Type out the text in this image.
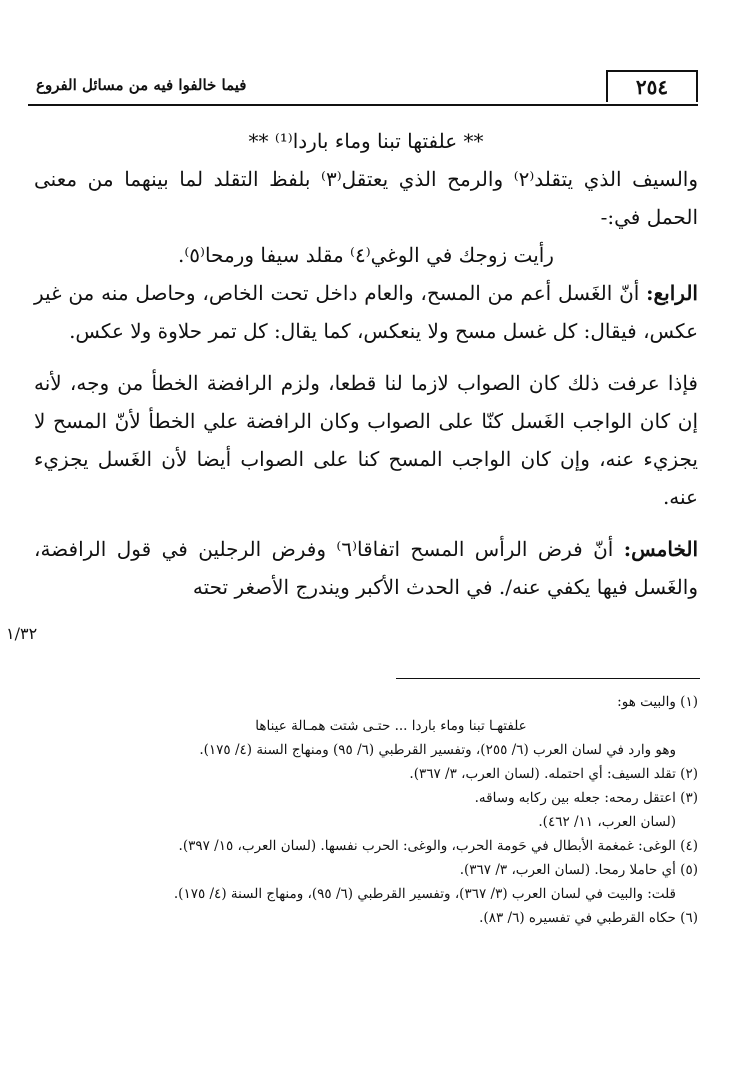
فيما خالفوا فيه من مسائل الفروع	٢٥٤

** علفتها تبنا وماء باردا⁽¹⁾ **

والسيف الذي يتقلد⁽٢⁾ والرمح الذي يعتقل⁽٣⁾ بلفظ التقلد لما بينهما من معنى الحمل في:-

رأيت زوجك في الوغي⁽٤⁾ مقلد سيفا ورمحا⁽٥⁾.

الرابع: أنّ الغَسل أعم من المسح، والعام داخل تحت الخاص، وحاصل منه من غير عكس، فيقال: كل غسل مسح ولا ينعكس، كما يقال: كل تمر حلاوة ولا عكس.

فإذا عرفت ذلك كان الصواب لازما لنا قطعا، ولزم الرافضة الخطأ من وجه، لأنه إن كان الواجب الغَسل كنّا على الصواب وكان الرافضة علي الخطأ لأنّ المسح لا يجزيء عنه، وإن كان الواجب المسح كنا على الصواب أيضا لأن الغَسل يجزيء عنه.

الخامس: أنّ فرض الرأس المسح اتفاقا⁽٦⁾ وفرض الرجلين في قول الرافضة، والغَسل فيها يكفي عنه/. في الحدث الأكبر ويندرج الأصغر تحته

١/٣٢

(١) والبيت هو:

علفتهـا تبنا وماء باردا ... حتـى شتت همـالة عيناها

وهو وارد في لسان العرب (٦/ ٢٥٥)، وتفسير القرطبي (٦/ ٩٥) ومنهاج السنة (٤/ ١٧٥).

(٢) تقلد السيف: أي احتمله. (لسان العرب، ٣/ ٣٦٧).

(٣) اعتقل رمحه: جعله بين ركابه وساقه.

(لسان العرب، ١١/ ٤٦٢).

(٤) الوغى: غمغمة الأبطال في حَومة الحرب، والوغى: الحرب نفسها. (لسان العرب، ١٥/ ٣٩٧).

(٥) أي حاملا رمحا. (لسان العرب، ٣/ ٣٦٧).

قلت: والبيت في لسان العرب (٣/ ٣٦٧)، وتفسير القرطبي (٦/ ٩٥)، ومنهاج السنة (٤/ ١٧٥).

(٦) حكاه القرطبي في تفسيره (٦/ ٨٣).
